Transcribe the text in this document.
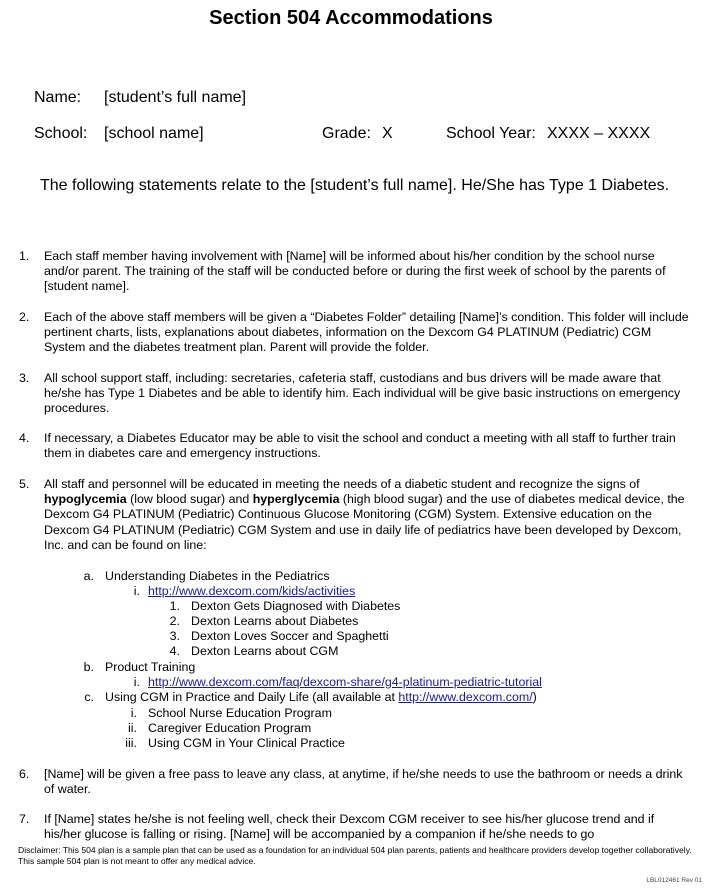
Section 504 Accommodations
Name: [student’s full name]
School: [school name]	Grade: X	School Year: XXXX – XXXX
The following statements relate to the [student’s full name]. He/She has Type 1 Diabetes.
1. Each staff member having involvement with [Name] will be informed about his/her condition by the school nurse and/or parent. The training of the staff will be conducted before or during the first week of school by the parents of [student name].
2. Each of the above staff members will be given a “Diabetes Folder” detailing [Name]’s condition. This folder will include pertinent charts, lists, explanations about diabetes, information on the Dexcom G4 PLATINUM (Pediatric) CGM System and the diabetes treatment plan. Parent will provide the folder.
3. All school support staff, including: secretaries, cafeteria staff, custodians and bus drivers will be made aware that he/she has Type 1 Diabetes and be able to identify him. Each individual will be give basic instructions on emergency procedures.
4. If necessary, a Diabetes Educator may be able to visit the school and conduct a meeting with all staff to further train them in diabetes care and emergency instructions.
5. All staff and personnel will be educated in meeting the needs of a diabetic student and recognize the signs of hypoglycemia (low blood sugar) and hyperglycemia (high blood sugar) and the use of diabetes medical device, the Dexcom G4 PLATINUM (Pediatric) Continuous Glucose Monitoring (CGM) System. Extensive education on the Dexcom G4 PLATINUM (Pediatric) CGM System and use in daily life of pediatrics have been developed by Dexcom, Inc. and can be found on line:
a. Understanding Diabetes in the Pediatrics
i. http://www.dexcom.com/kids/activities
1. Dexton Gets Diagnosed with Diabetes
2. Dexton Learns about Diabetes
3. Dexton Loves Soccer and Spaghetti
4. Dexton Learns about CGM
b. Product Training
i. http://www.dexcom.com/faq/dexcom-share/g4-platinum-pediatric-tutorial
c. Using CGM in Practice and Daily Life (all available at http://www.dexcom.com/)
i. School Nurse Education Program
ii. Caregiver Education Program
iii. Using CGM in Your Clinical Practice
6. [Name] will be given a free pass to leave any class, at anytime, if he/she needs to use the bathroom or needs a drink of water.
7. If [Name] states he/she is not feeling well, check their Dexcom CGM receiver to see his/her glucose trend and if his/her glucose is falling or rising. [Name] will be accompanied by a companion if he/she needs to go
Disclaimer: This 504 plan is a sample plan that can be used as a foundation for an individual 504 plan parents, patients and healthcare providers develop together collaboratively. This sample 504 plan is not meant to offer any medical advice.
LBL012461 Rev 01
